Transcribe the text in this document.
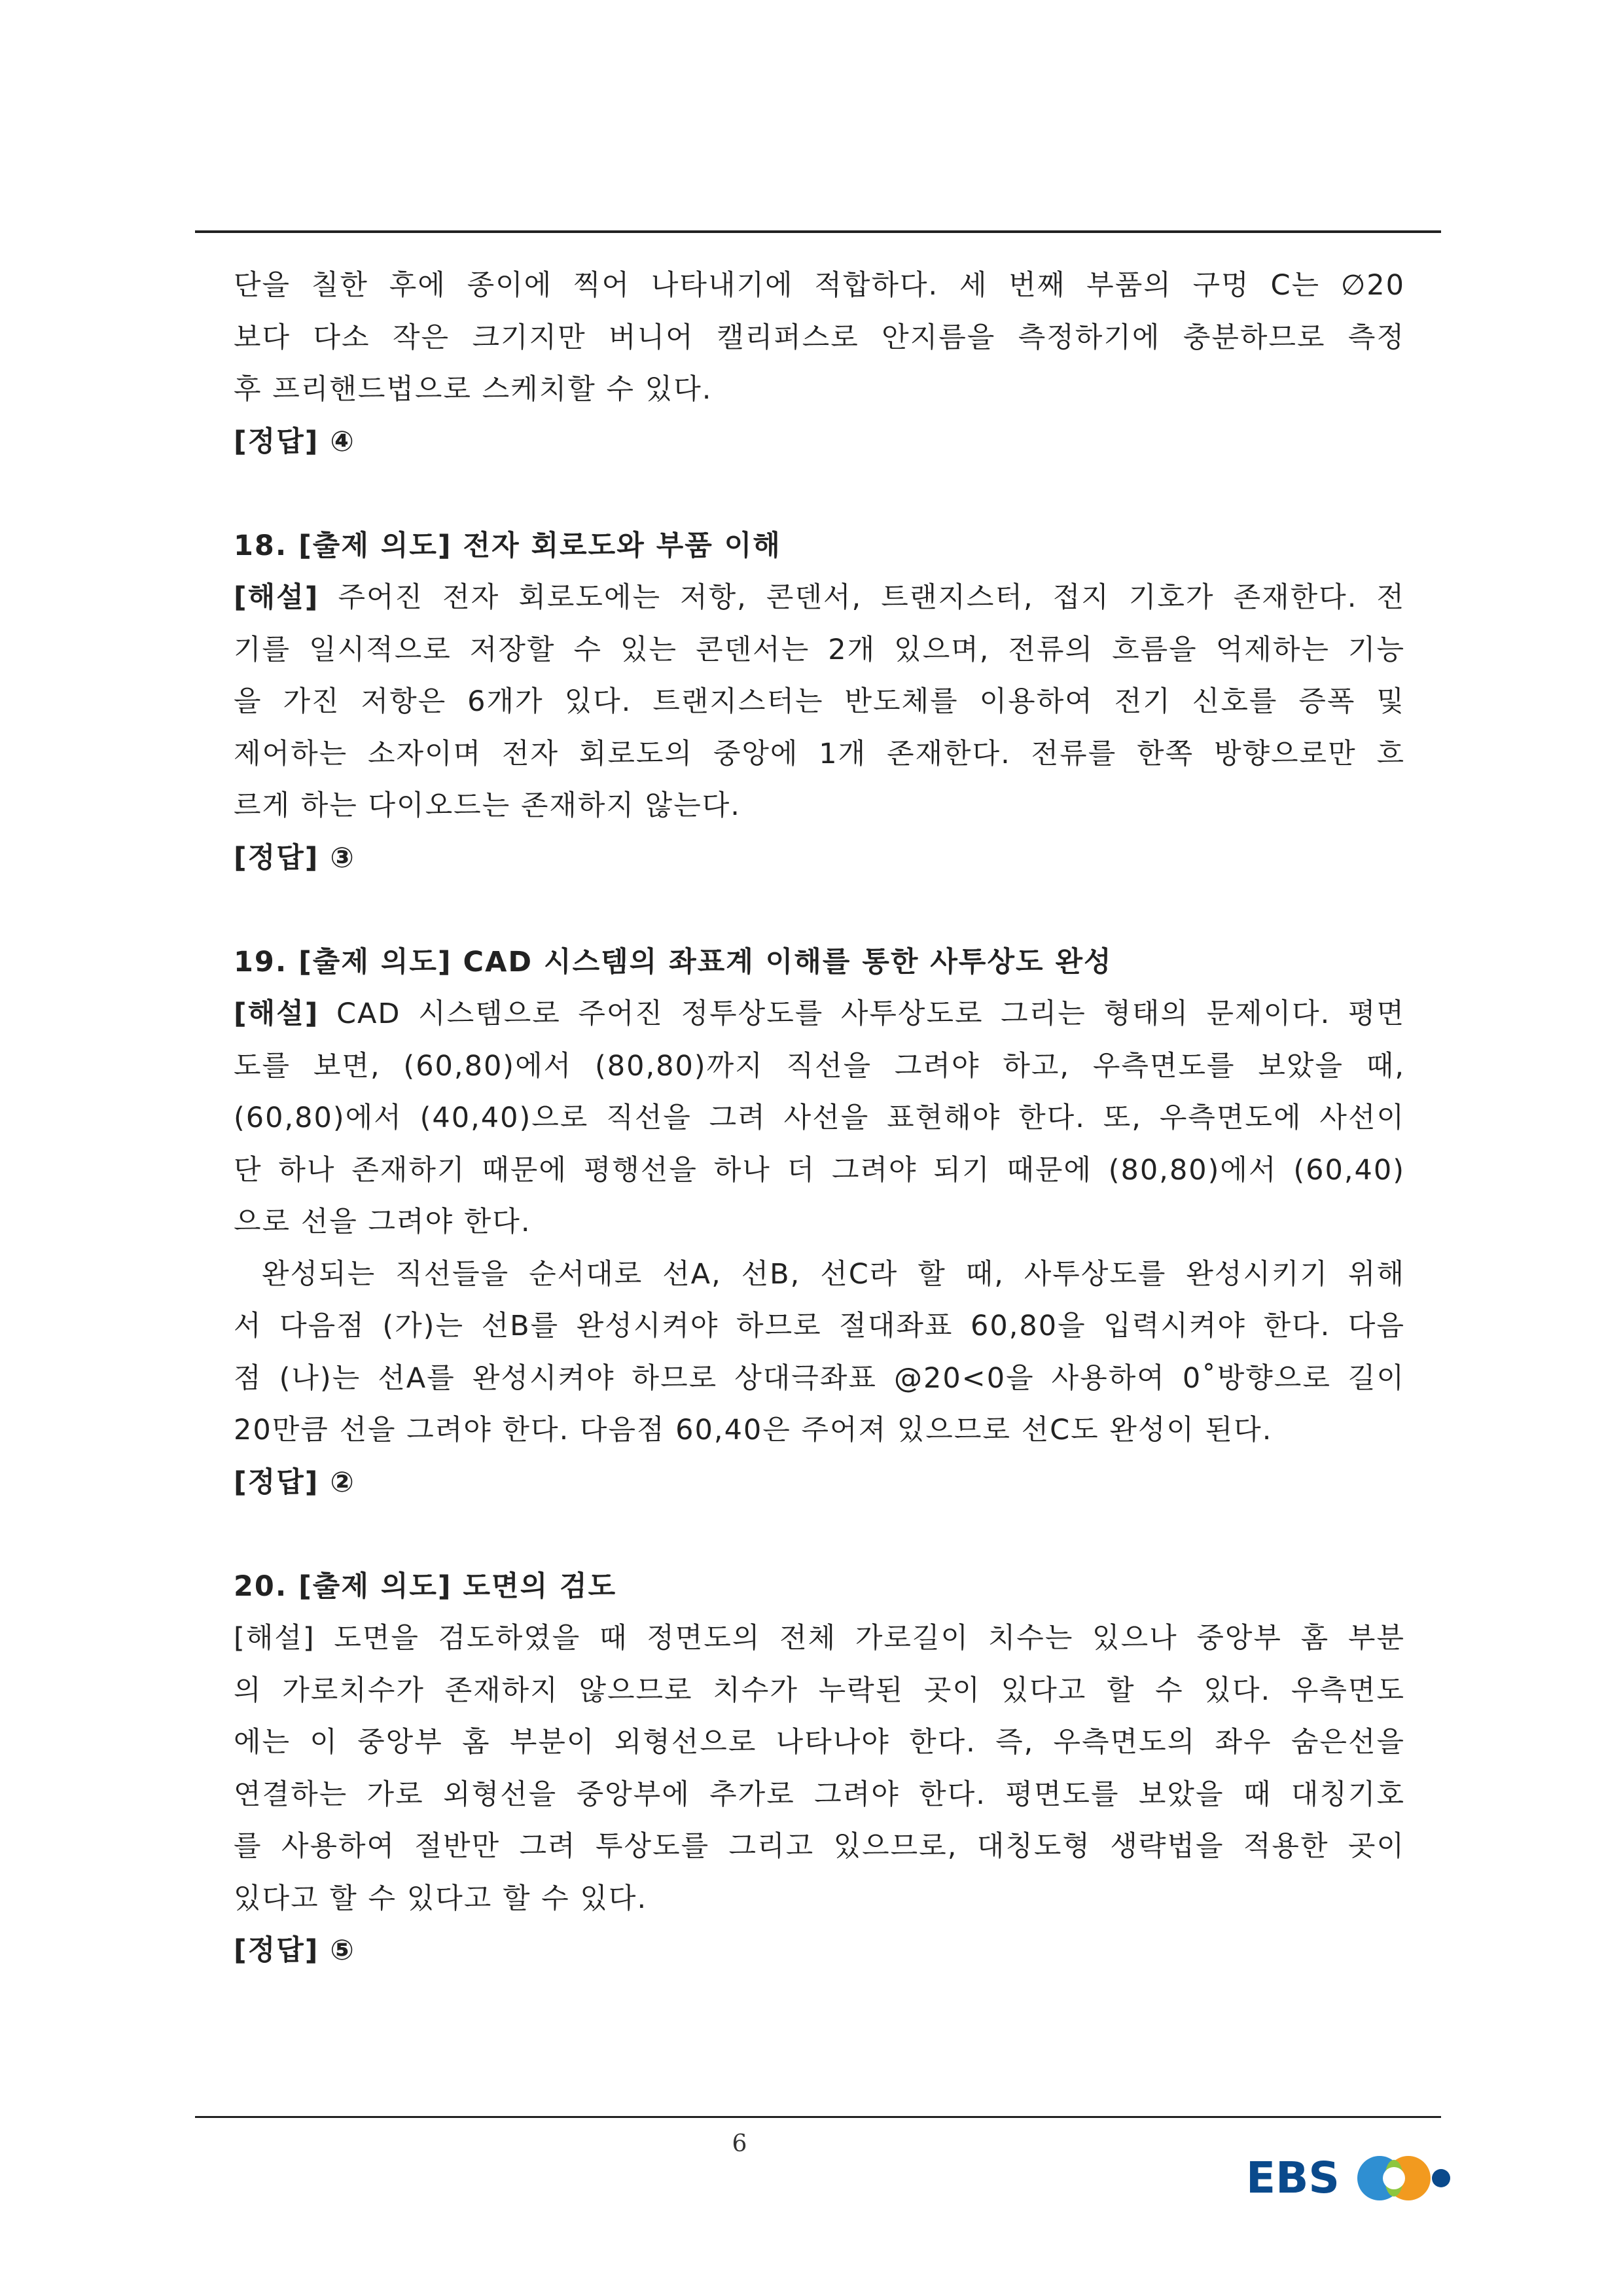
단을 칠한 후에 종이에 찍어 나타내기에 적합하다. 세 번째 부품의 구멍 C는 ∅20

보다 다소 작은 크기지만 버니어 캘리퍼스로 안지름을 측정하기에 충분하므로 측정

후 프리핸드법으로 스케치할 수 있다.

[정답] ④

18. [출제 의도] 전자 회로도와 부품 이해

[해설] 주어진 전자 회로도에는 저항, 콘덴서, 트랜지스터, 접지 기호가 존재한다. 전

기를 일시적으로 저장할 수 있는 콘덴서는 2개 있으며, 전류의 흐름을 억제하는 기능

을 가진 저항은 6개가 있다. 트랜지스터는 반도체를 이용하여 전기 신호를 증폭 및

제어하는 소자이며 전자 회로도의 중앙에 1개 존재한다. 전류를 한쪽 방향으로만 흐

르게 하는 다이오드는 존재하지 않는다.

[정답] ③

19. [출제 의도] CAD 시스템의 좌표계 이해를 통한 사투상도 완성

[해설] CAD 시스템으로 주어진 정투상도를 사투상도로 그리는 형태의 문제이다. 평면

도를 보면, (60,80)에서 (80,80)까지 직선을 그려야 하고, 우측면도를 보았을 때,

(60,80)에서 (40,40)으로 직선을 그려 사선을 표현해야 한다. 또, 우측면도에 사선이

단 하나 존재하기 때문에 평행선을 하나 더 그려야 되기 때문에 (80,80)에서 (60,40)

으로 선을 그려야 한다.

완성되는 직선들을 순서대로 선A, 선B, 선C라 할 때, 사투상도를 완성시키기 위해

서 다음점 (가)는 선B를 완성시켜야 하므로 절대좌표 60,80을 입력시켜야 한다. 다음

점 (나)는 선A를 완성시켜야 하므로 상대극좌표 @20<0을 사용하여 0˚방향으로 길이

20만큼 선을 그려야 한다. 다음점 60,40은 주어져 있으므로 선C도 완성이 된다.

[정답] ②

20. [출제 의도] 도면의 검도

[해설] 도면을 검도하였을 때 정면도의 전체 가로길이 치수는 있으나 중앙부 홈 부분

의 가로치수가 존재하지 않으므로 치수가 누락된 곳이 있다고 할 수 있다. 우측면도

에는 이 중앙부 홈 부분이 외형선으로 나타나야 한다. 즉, 우측면도의 좌우 숨은선을

연결하는 가로 외형선을 중앙부에 추가로 그려야 한다. 평면도를 보았을 때 대칭기호

를 사용하여 절반만 그려 투상도를 그리고 있으므로, 대칭도형 생략법을 적용한 곳이

있다고 할 수 있다고 할 수 있다.

[정답] ⑤

6
EBS
